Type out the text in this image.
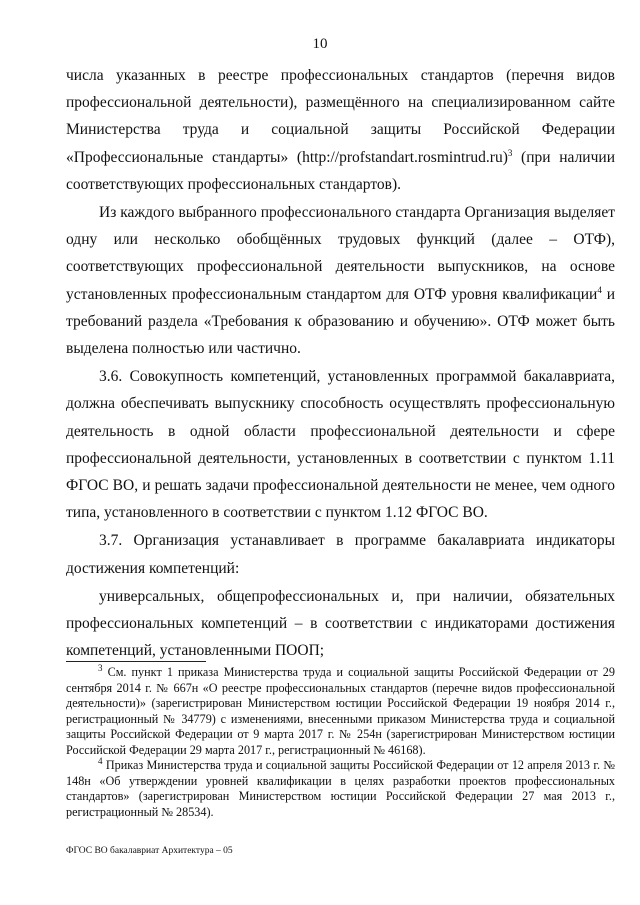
10

числа указанных в реестре профессиональных стандартов (перечня видов профессиональной деятельности), размещённого на специализированном сайте Министерства труда и социальной защиты Российской Федерации «Профессиональные стандарты» (http://profstandart.rosmintrud.ru)$^3$ (при наличии соответствующих профессиональных стандартов).

Из каждого выбранного профессионального стандарта Организация выделяет одну или несколько обобщённых трудовых функций (далее – ОТФ), соответствующих профессиональной деятельности выпускников, на основе установленных профессиональным стандартом для ОТФ уровня квалификации$^4$ и требований раздела «Требования к образованию и обучению». ОТФ может быть выделена полностью или частично.

3.6. Совокупность компетенций, установленных программой бакалавриата, должна обеспечивать выпускнику способность осуществлять профессиональную деятельность в одной области профессиональной деятельности и сфере профессиональной деятельности, установленных в соответствии с пунктом 1.11 ФГОС ВО, и решать задачи профессиональной деятельности не менее, чем одного типа, установленного в соответствии с пунктом 1.12 ФГОС ВО.

3.7. Организация устанавливает в программе бакалавриата индикаторы достижения компетенций:

универсальных, общепрофессиональных и, при наличии, обязательных профессиональных компетенций – в соответствии с индикаторами достижения компетенций, установленными ПООП;

$^3$ См. пункт 1 приказа Министерства труда и социальной защиты Российской Федерации от 29 сентября 2014 г. № 667н «О реестре профессиональных стандартов (перечне видов профессиональной деятельности)» (зарегистрирован Министерством юстиции Российской Федерации 19 ноября 2014 г., регистрационный № 34779) с изменениями, внесенными приказом Министерства труда и социальной защиты Российской Федерации от 9 марта 2017 г. № 254н (зарегистрирован Министерством юстиции Российской Федерации 29 марта 2017 г., регистрационный № 46168).

$^4$ Приказ Министерства труда и социальной защиты Российской Федерации от 12 апреля 2013 г. № 148н «Об утверждении уровней квалификации в целях разработки проектов профессиональных стандартов» (зарегистрирован Министерством юстиции Российской Федерации 27 мая 2013 г., регистрационный № 28534).

ФГОС ВО бакалавриат Архитектура – 05
